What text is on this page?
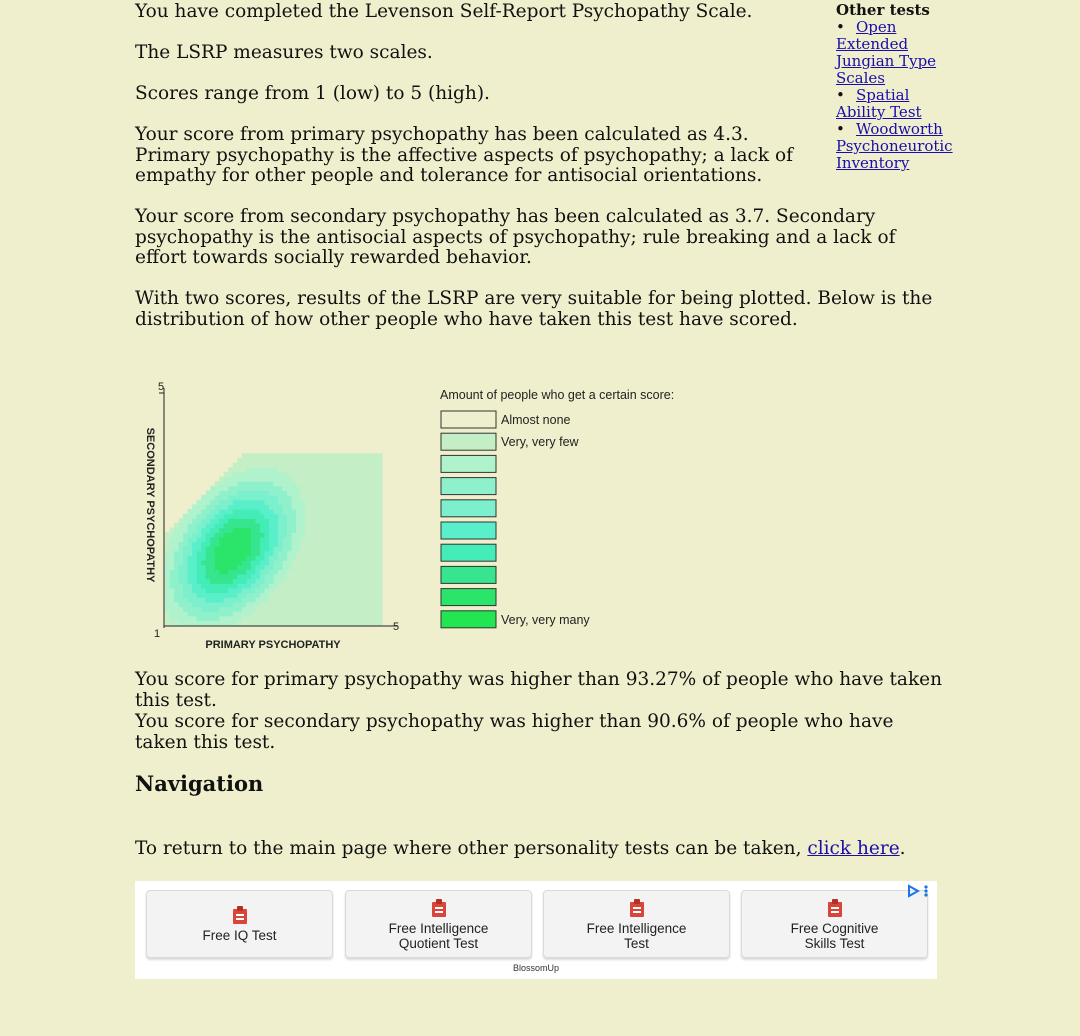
You have completed the Levenson Self-Report Psychopathy Scale.

The LSRP measures two scales.

Scores range from 1 (low) to 5 (high).

Your score from primary psychopathy has been calculated as 4.3. Primary psychopathy is the affective aspects of psychopathy; a lack of empathy for other people and tolerance for antisocial orientations.

Your score from secondary psychopathy has been calculated as 3.7. Secondary psychopathy is the antisocial aspects of psychopathy; rule breaking and a lack of effort towards socially rewarded behavior.

With two scores, results of the LSRP are very suitable for being plotted. Below is the distribution of how other people who have taken this test have scored.

You score for primary psychopathy was higher than 93.27% of people who have taken this test.

You score for secondary psychopathy was higher than 90.6% of people who have taken this test.

Navigation

To return to the main page where other personality tests can be taken, click here.

Other tests
• Open Extended Jungian Type Scales
• Spatial Ability Test
• Woodworth Psychoneurotic Inventory
5
1
5
PRIMARY PSYCHOPATHY
SECONDARY PSYCHOPATHY
Amount of people who get a certain score:
Almost none
Very, very few
Very, very many
Free IQ Test	Free Intelligence
Quotient Test
Free Intelligence
Test
Free Cognitive
Skills Test
BlossomUp
